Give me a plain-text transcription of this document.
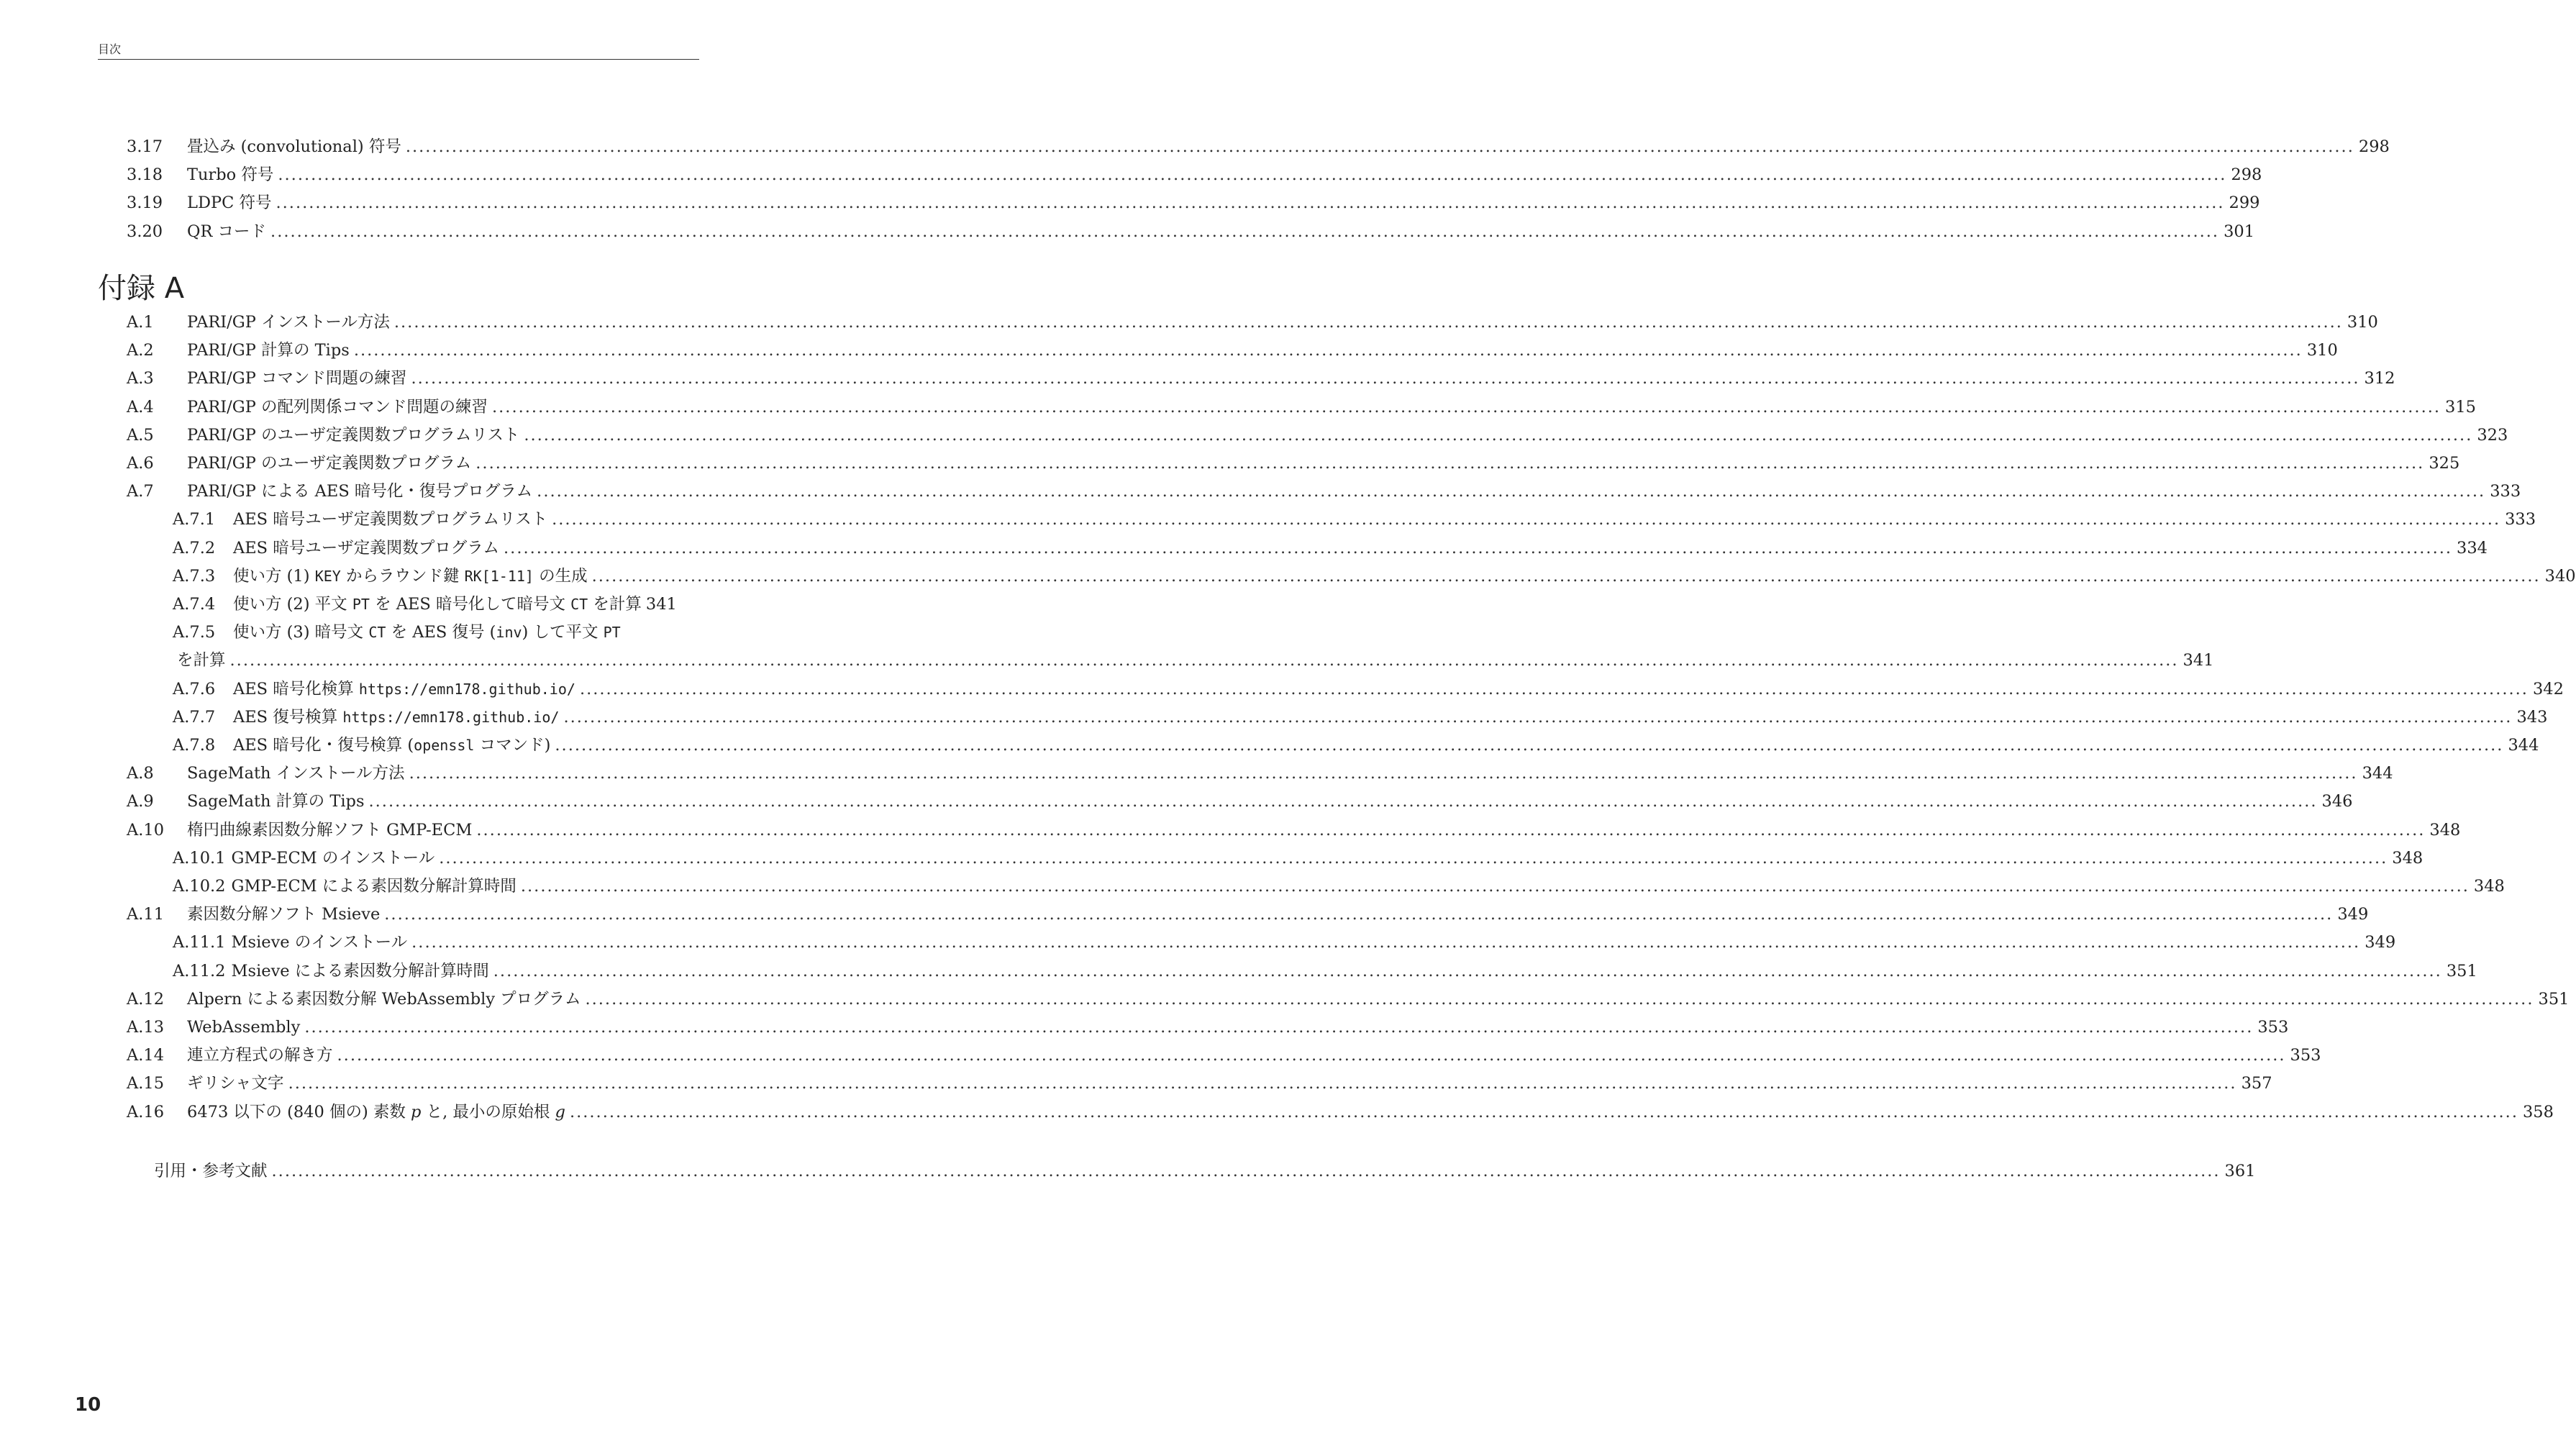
目次
3.17	畳込み (convolutional) 符号 .....	298
3.18	Turbo 符号 .....	298
3.19	LDPC 符号 .....	299
3.20	QR コード .....	301
付録 A
A.1	PARI/GP インストール方法 .....	310
A.2	PARI/GP 計算の Tips .....	310
A.3	PARI/GP コマンド問題の練習 .....	312
A.4	PARI/GP の配列関係コマンド問題の練習 .....	315
A.5	PARI/GP のユーザ定義関数プログラムリスト .....	323
A.6	PARI/GP のユーザ定義関数プログラム .....	325
A.7	PARI/GP による AES 暗号化・復号プログラム .....	333
A.7.1	AES 暗号ユーザ定義関数プログラムリスト .....	333
A.7.2	AES 暗号ユーザ定義関数プログラム .....	334
A.7.3	使い方 (1) KEY からラウンド鍵 RK[1-11] の生成 .....	340
A.7.4	使い方 (2) 平文 PT を AES 暗号化して暗号文 CT を計算 341
A.7.5	使い方 (3) 暗号文 CT を AES 復号 (inv) して平文 PT
を計算 .....	341
A.7.6	AES 暗号化検算 https://emn178.github.io/ .....	342
A.7.7	AES 復号検算 https://emn178.github.io/ .....	343
A.7.8	AES 暗号化・復号検算 (openssl コマンド) .....	344
A.8	SageMath インストール方法 .....	344
A.9	SageMath 計算の Tips .....	346
A.10	楕円曲線素因数分解ソフト GMP-ECM .....	348
A.10.1 GMP-ECM のインストール .....	348
A.10.2 GMP-ECM による素因数分解計算時間 .....	348
A.11	素因数分解ソフト Msieve .....	349
A.11.1 Msieve のインストール .....	349
A.11.2 Msieve による素因数分解計算時間 .....	351
A.12	Alpern による素因数分解 WebAssembly プログラム .....	351
A.13	WebAssembly .....	353
A.14	連立方程式の解き方 .....	353
A.15	ギリシャ文字 .....	357
A.16	6473 以下の (840 個の) 素数 p と, 最小の原始根 g .....	358
引用・参考文献 .....	361
10
